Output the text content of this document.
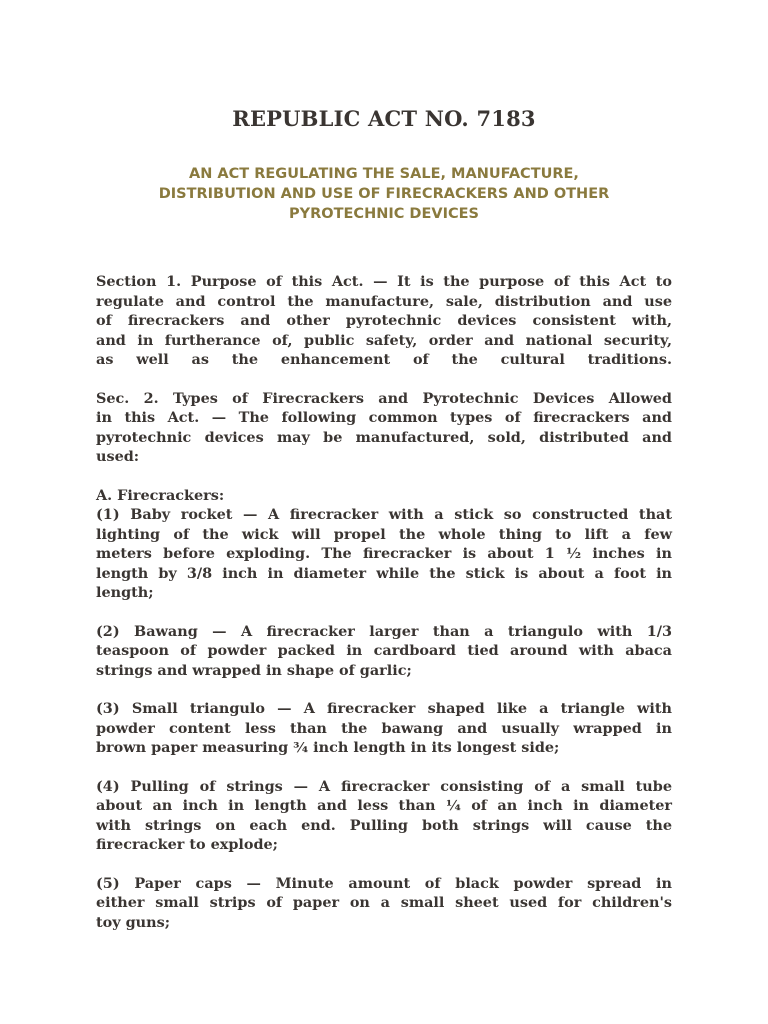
REPUBLIC ACT NO. 7183
AN ACT REGULATING THE SALE, MANUFACTURE,
DISTRIBUTION AND USE OF FIRECRACKERS AND OTHER
PYROTECHNIC DEVICES
Section 1. Purpose of this Act. — It is the purpose of this Act to
regulate and control the manufacture, sale, distribution and use
of firecrackers and other pyrotechnic devices consistent with,
and in furtherance of, public safety, order and national security,
as well as the enhancement of the cultural traditions.
Sec. 2. Types of Firecrackers and Pyrotechnic Devices Allowed
in this Act. — The following common types of firecrackers and
pyrotechnic devices may be manufactured, sold, distributed and
used:
A. Firecrackers:
(1) Baby rocket — A firecracker with a stick so constructed that
lighting of the wick will propel the whole thing to lift a few
meters before exploding. The firecracker is about 1 ½ inches in
length by 3/8 inch in diameter while the stick is about a foot in
length;
(2) Bawang — A firecracker larger than a triangulo with 1/3
teaspoon of powder packed in cardboard tied around with abaca
strings and wrapped in shape of garlic;
(3) Small triangulo — A firecracker shaped like a triangle with
powder content less than the bawang and usually wrapped in
brown paper measuring ¾ inch length in its longest side;
(4) Pulling of strings — A firecracker consisting of a small tube
about an inch in length and less than ¼ of an inch in diameter
with strings on each end. Pulling both strings will cause the
firecracker to explode;
(5) Paper caps — Minute amount of black powder spread in
either small strips of paper on a small sheet used for children's
toy guns;
